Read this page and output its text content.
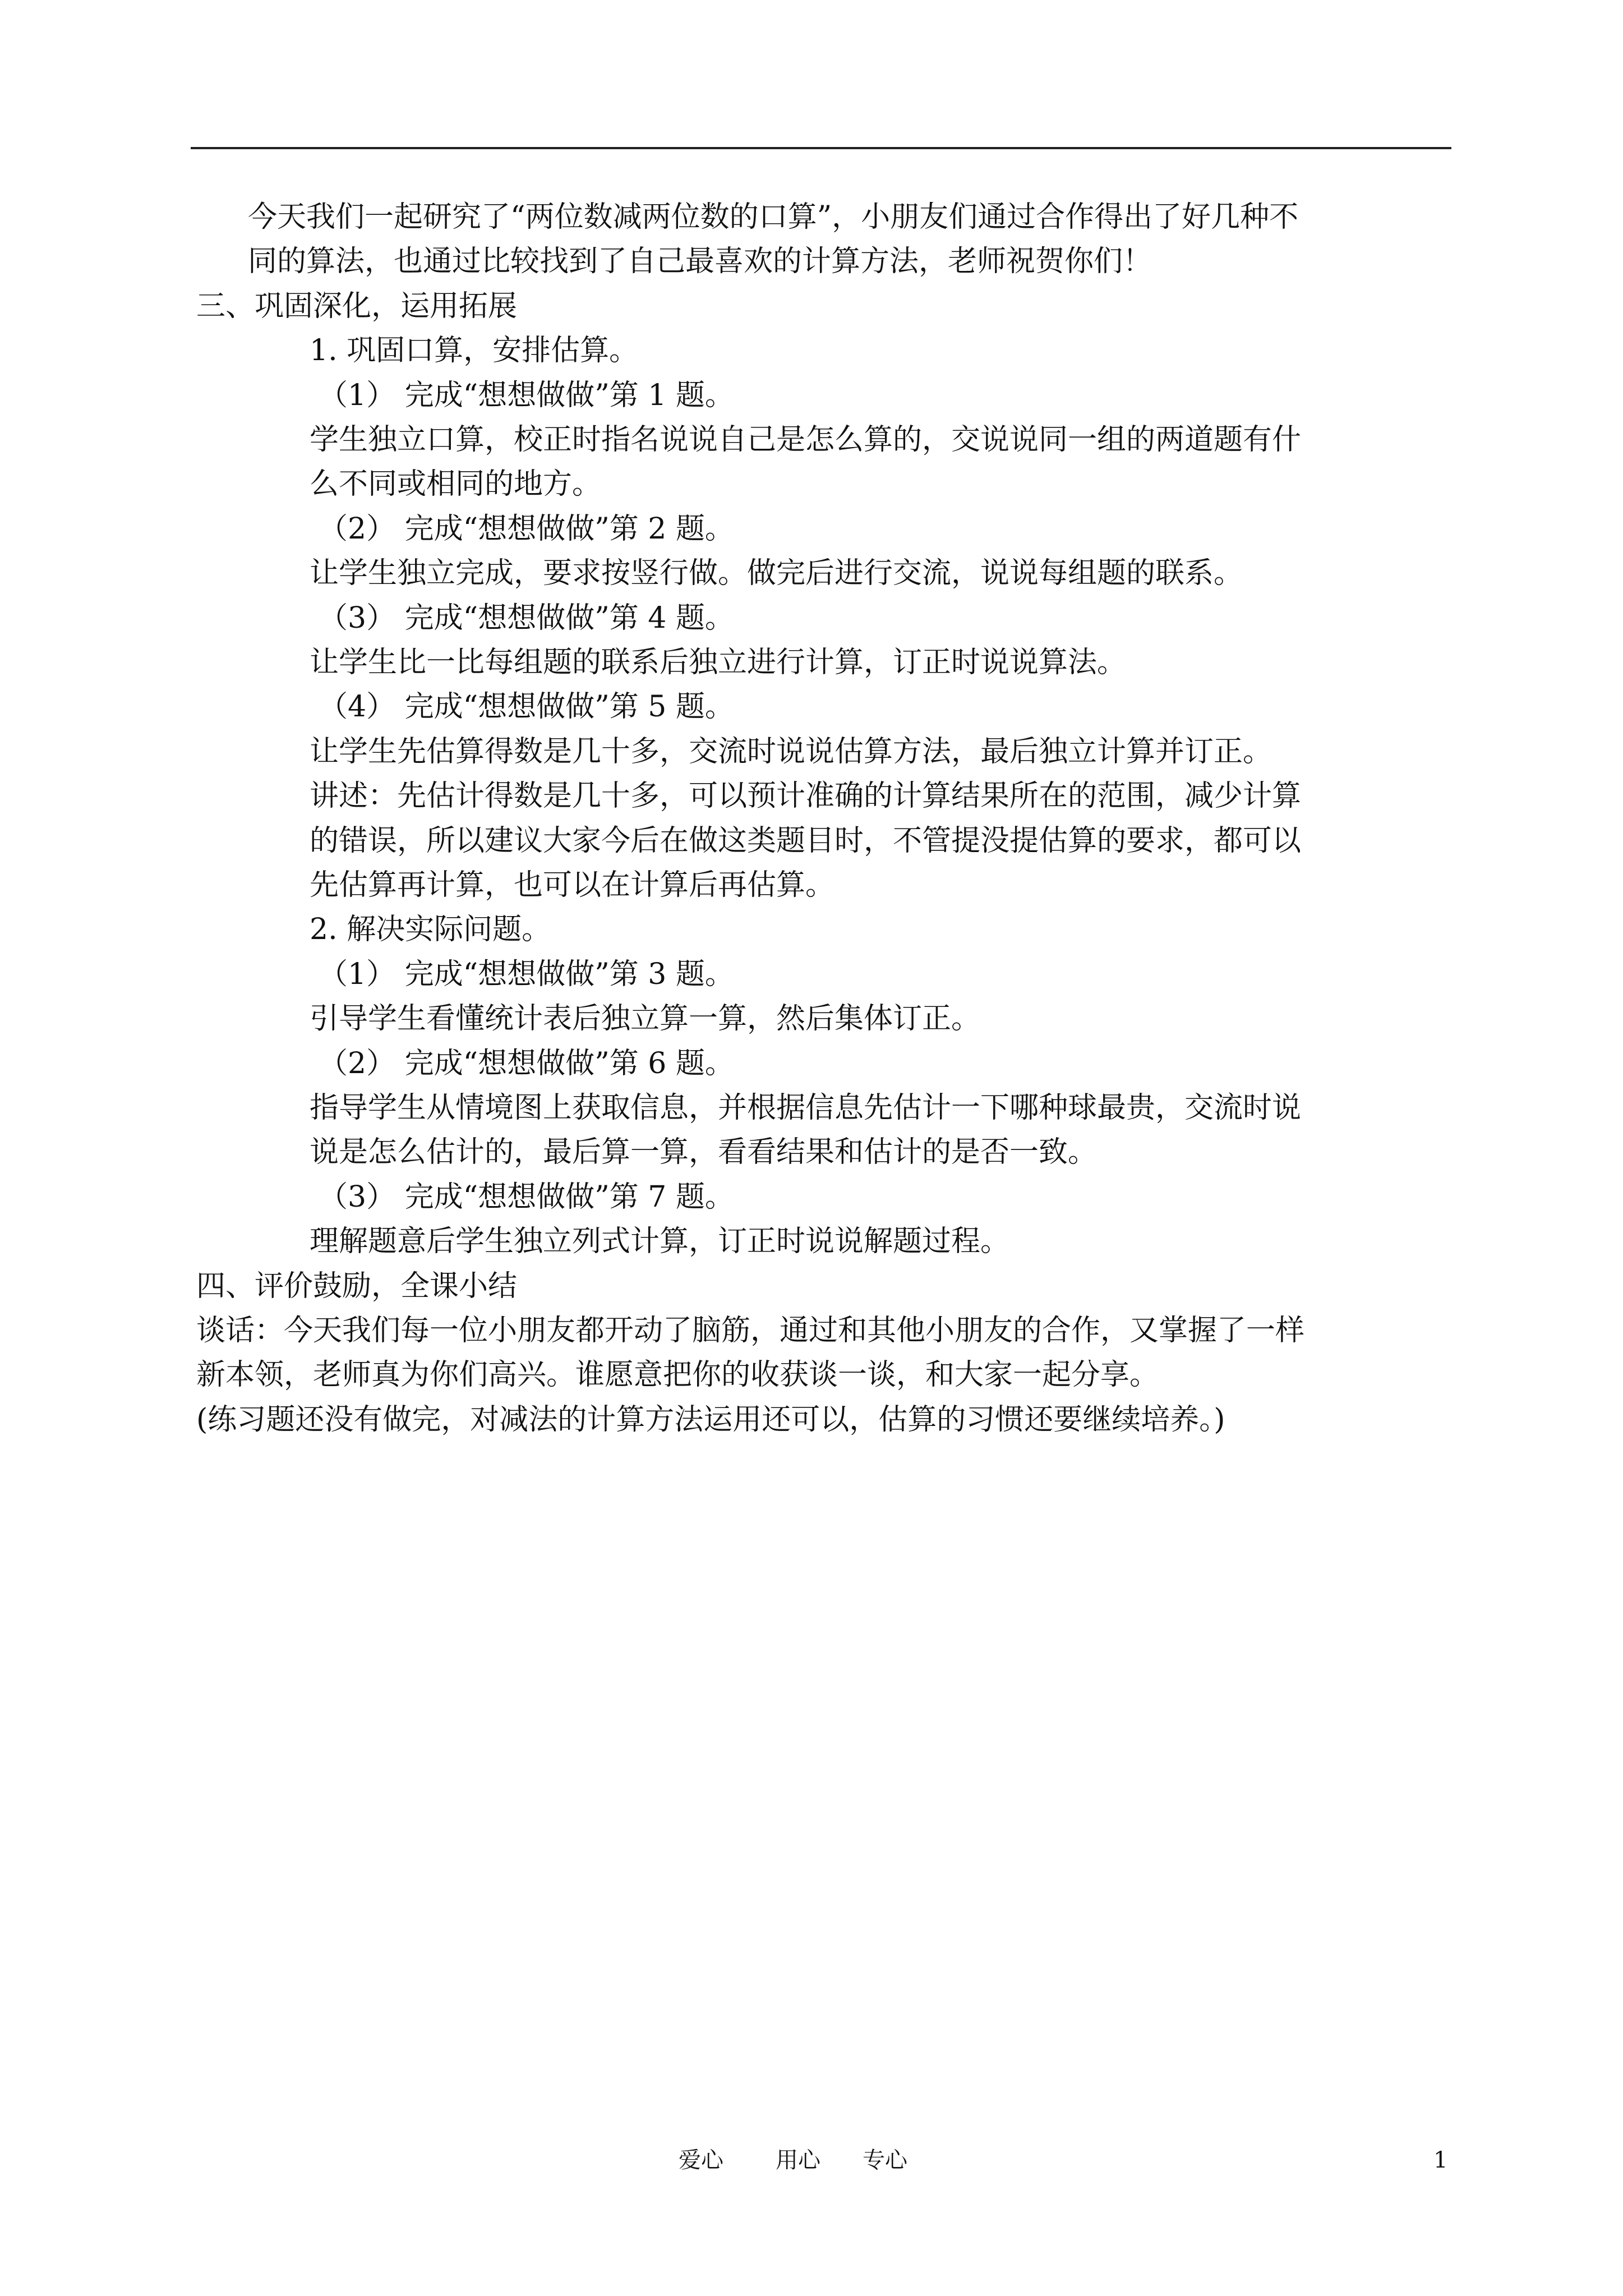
今天我们一起研究了“两位数减两位数的口算”，小朋友们通过合作得出了好几种不

同的算法，也通过比较找到了自己最喜欢的计算方法，老师祝贺你们！

三、巩固深化，运用拓展

1. 巩固口算，安排估算。

（1） 完成“想想做做”第 1 题。

学生独立口算，校正时指名说说自己是怎么算的，交说说同一组的两道题有什

么不同或相同的地方。

（2） 完成“想想做做”第 2 题。

让学生独立完成，要求按竖行做。做完后进行交流，说说每组题的联系。

（3） 完成“想想做做”第 4 题。

让学生比一比每组题的联系后独立进行计算，订正时说说算法。

（4） 完成“想想做做”第 5 题。

让学生先估算得数是几十多，交流时说说估算方法，最后独立计算并订正。

讲述：先估计得数是几十多，可以预计准确的计算结果所在的范围，减少计算

的错误，所以建议大家今后在做这类题目时，不管提没提估算的要求，都可以

先估算再计算，也可以在计算后再估算。

2. 解决实际问题。

（1） 完成“想想做做”第 3 题。

引导学生看懂统计表后独立算一算，然后集体订正。

（2） 完成“想想做做”第 6 题。

指导学生从情境图上获取信息，并根据信息先估计一下哪种球最贵，交流时说

说是怎么估计的，最后算一算，看看结果和估计的是否一致。

（3） 完成“想想做做”第 7 题。

理解题意后学生独立列式计算，订正时说说解题过程。

四、评价鼓励，全课小结

谈话：今天我们每一位小朋友都开动了脑筋，通过和其他小朋友的合作，又掌握了一样

新本领，老师真为你们高兴。谁愿意把你的收获谈一谈，和大家一起分享。

(练习题还没有做完，对减法的计算方法运用还可以，估算的习惯还要继续培养。)

爱心 用心 专心	1
